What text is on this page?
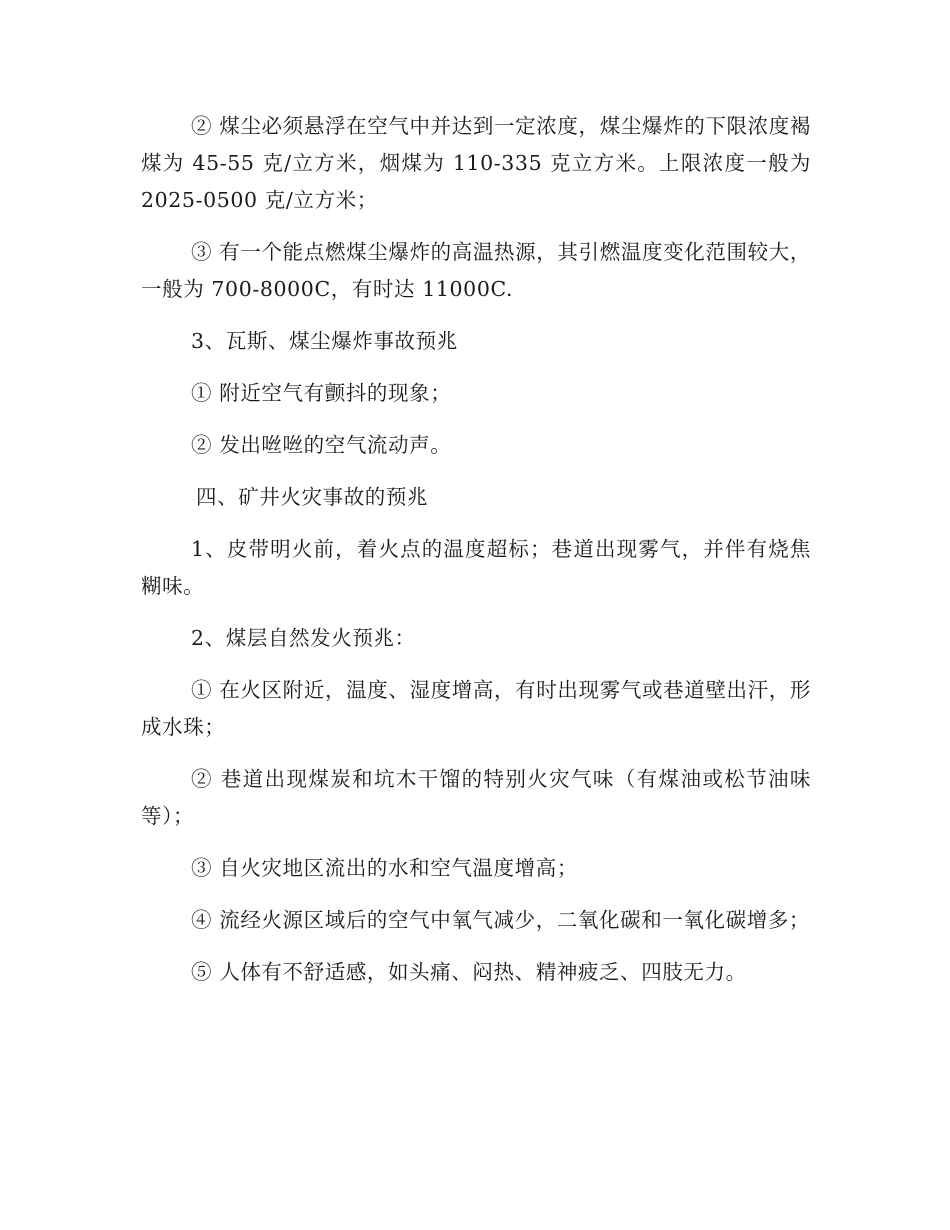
② 煤尘必须悬浮在空气中并达到一定浓度，煤尘爆炸的下限浓度褐煤为 45-55 克/立方米，烟煤为 110-335 克立方米。上限浓度一般为 2025-0500 克/立方米；

③ 有一个能点燃煤尘爆炸的高温热源，其引燃温度变化范围较大，一般为 700-8000C，有时达 11000C.

3、瓦斯、煤尘爆炸事故预兆

① 附近空气有颤抖的现象；

② 发出咝咝的空气流动声。

四、矿井火灾事故的预兆

1、皮带明火前，着火点的温度超标；巷道出现雾气，并伴有烧焦糊味。

2、煤层自然发火预兆：

① 在火区附近，温度、湿度增高，有时出现雾气或巷道壁出汗，形成水珠；

② 巷道出现煤炭和坑木干馏的特别火灾气味（有煤油或松节油味等）；

③ 自火灾地区流出的水和空气温度增高；

④ 流经火源区域后的空气中氧气减少，二氧化碳和一氧化碳增多；

⑤ 人体有不舒适感，如头痛、闷热、精神疲乏、四肢无力。
